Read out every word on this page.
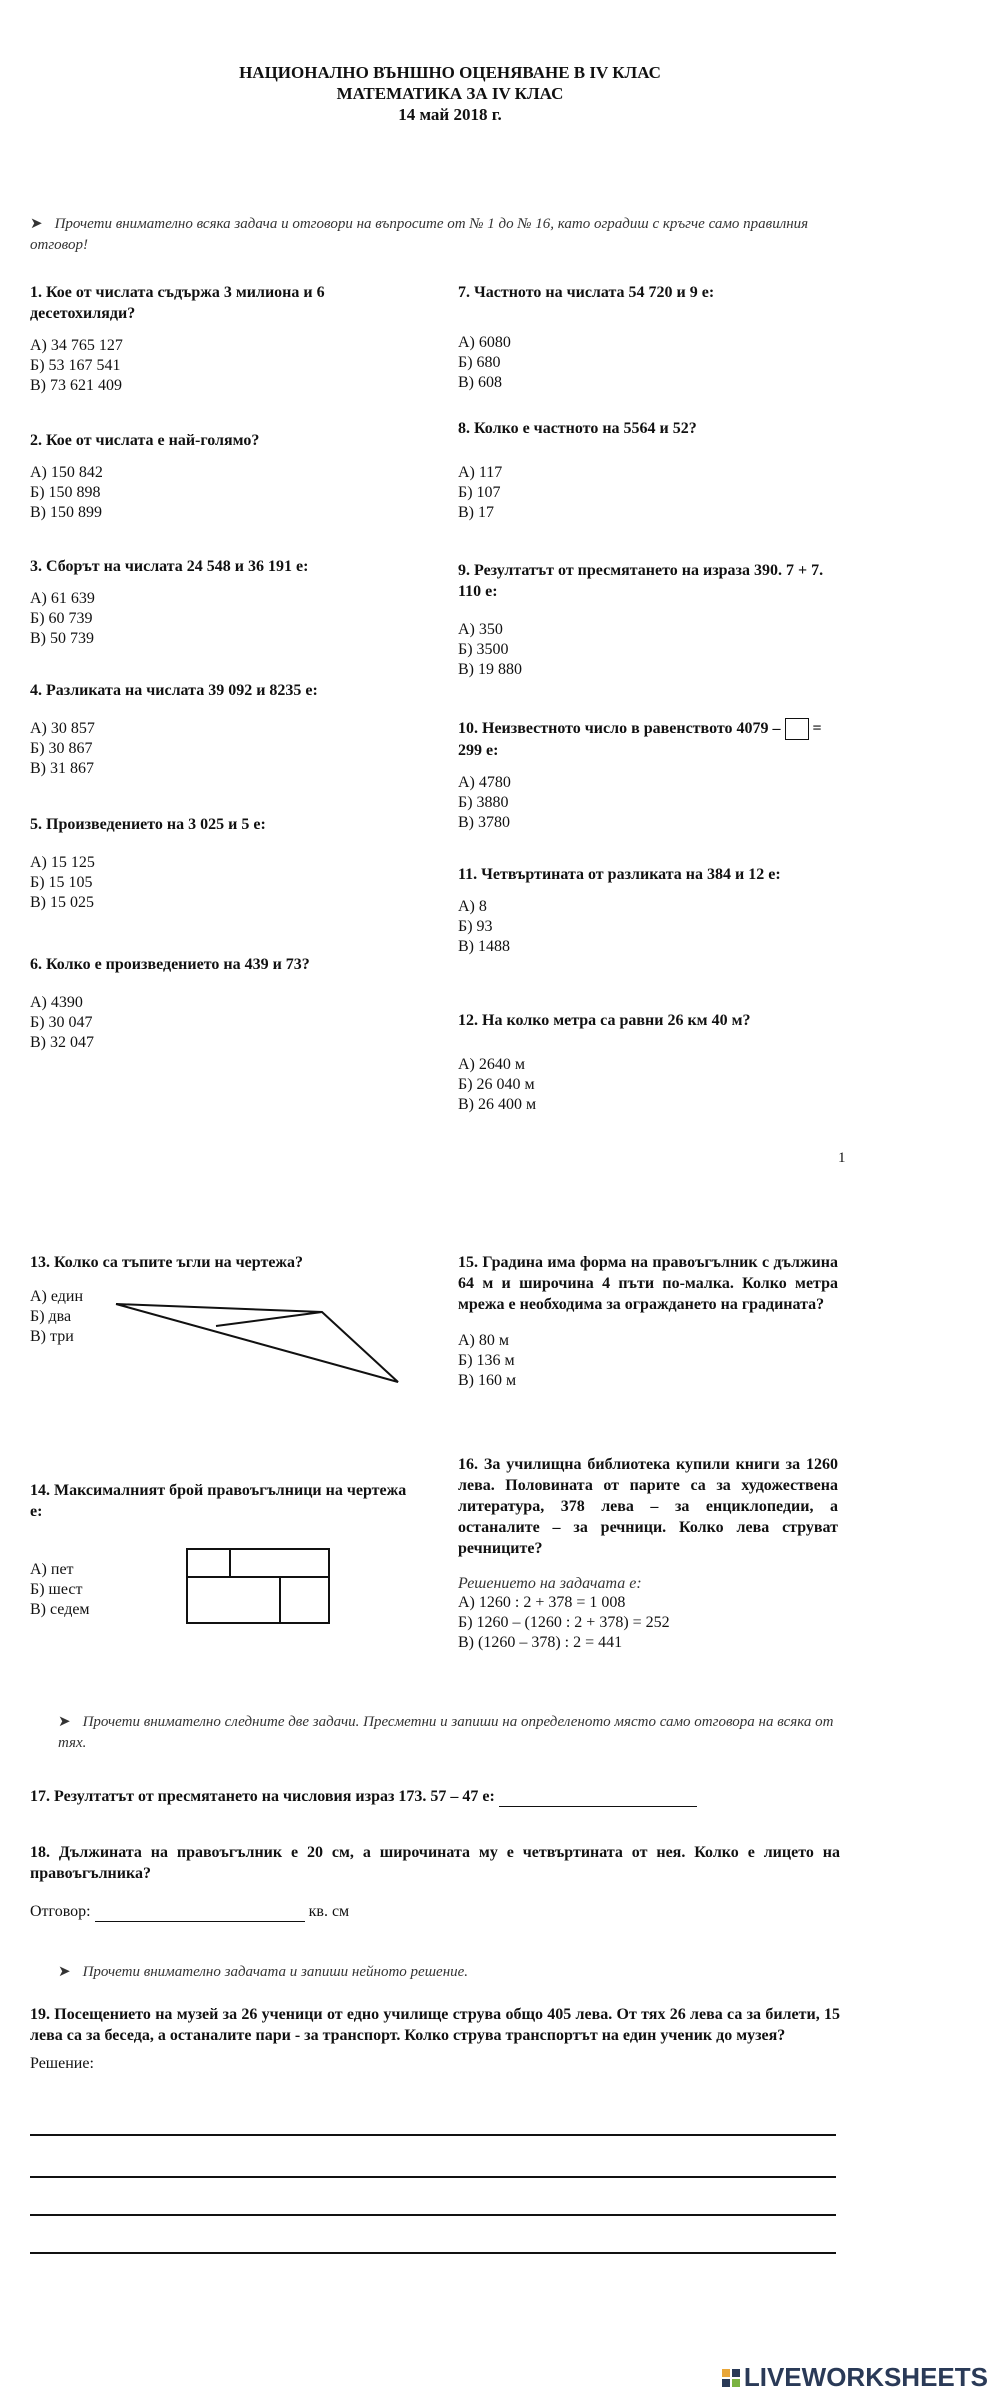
НАЦИОНАЛНО ВЪНШНО ОЦЕНЯВАНЕ В IV КЛАС
МАТЕМАТИКА ЗА IV КЛАС
14 май 2018 г.
➤ Прочети внимателно всяка задача и отговори на въпросите от № 1 до № 16, като оградиш с кръгче само правилния отговор!
1. Кое от числата съдържа 3 милиона и 6 десетохиляди?
А) 34 765 127
Б) 53 167 541
В) 73 621 409
2. Кое от числата е най-голямо?
А) 150 842
Б) 150 898
В) 150 899
3. Сборът на числата 24 548 и 36 191 е:
А) 61 639
Б) 60 739
В) 50 739
4. Разликата на числата 39 092 и 8235 е:
А) 30 857
Б) 30 867
В) 31 867
5. Произведението на 3 025 и 5 е:
А) 15 125
Б) 15 105
В) 15 025
6. Колко е произведението на 439 и 73?
А) 4390
Б) 30 047
В) 32 047
7. Частното на числата 54 720 и 9 е:
А) 6080
Б) 680
В) 608
8. Колко е частното на 5564 и 52?
А) 117
Б) 107
В) 17
9. Резултатът от пресмятането на израза 390. 7 + 7. 110 е:
А) 350
Б) 3500
В) 19 880
10. Неизвестното число в равенството 4079 – = 299 е:
А) 4780
Б) 3880
В) 3780
11. Четвъртината от разликата на 384 и 12 е:
А) 8
Б) 93
В) 1488
12. На колко метра са равни 26 км 40 м?
А) 2640 м
Б) 26 040 м
В) 26 400 м
1
13. Колко са тъпите ъгли на чертежа?
А) един
Б) два
В) три
15. Градина има форма на правоъгълник с дължина 64 м и широчина 4 пъти по-малка. Колко метра мрежа е необходима за ограждането на градината?
А) 80 м
Б) 136 м
В) 160 м
14. Максималният брой правоъгълници на чертежа е:
А) пет
Б) шест
В) седем
16. За училищна библиотека купили книги за 1260 лева. Половината от парите са за художествена литература, 378 лева – за енциклопедии, а останалите – за речници. Колко лева струват речниците?
Решението на задачата е:
А) 1260 : 2 + 378 = 1 008
Б) 1260 – (1260 : 2 + 378) = 252
В) (1260 – 378) : 2 = 441
➤ Прочети внимателно следните две задачи. Пресметни и запиши на определеното място само отговора на всяка от тях.
17. Резултатът от пресмятането на числовия израз 173. 57 – 47 е:
18. Дължината на правоъгълник е 20 см, а широчината му е четвъртината от нея. Колко е лицето на правоъгълника?
Отговор:	кв. см
➤ Прочети внимателно задачата и запиши нейното решение.
19. Посещението на музей за 26 ученици от едно училище струва общо 405 лева. От тях 26 лева са за билети, 15 лева са за беседа, а останалите пари - за транспорт. Колко струва транспортът на един ученик до музея?
Решение:
LIVEWORKSHEETS
